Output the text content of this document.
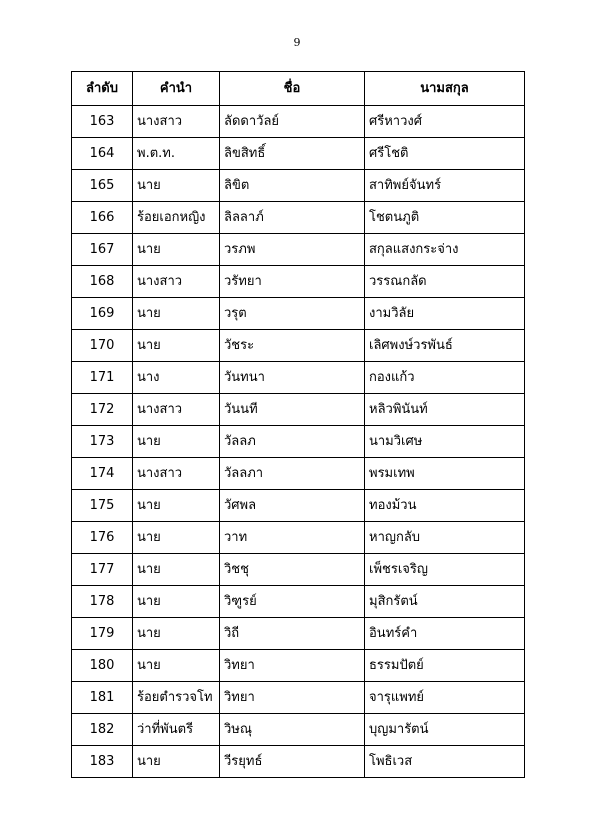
9
ลำดับ	คำนำ	ชื่อ	นามสกุล
163	นางสาว	ลัดดาวัลย์	ศรีหาวงศ์
164	พ.ต.ท.	ลิขสิทธิ์	ศรีโชติ
165	นาย	ลิขิต	สาทิพย์จันทร์
166	ร้อยเอกหญิง	ลิลลาภ์	โชตนภูติ
167	นาย	วรภพ	สกุลแสงกระจ่าง
168	นางสาว	วรัทยา	วรรณกลัด
169	นาย	วรุต	งามวิลัย
170	นาย	วัชระ	เลิศพงษ์วรพันธ์
171	นาง	วันทนา	กองแก้ว
172	นางสาว	วันนที	หลิวพินันท์
173	นาย	วัลลภ	นามวิเศษ
174	นางสาว	วัลลภา	พรมเทพ
175	นาย	วัศพล	ทองม้วน
176	นาย	วาท	หาญกลับ
177	นาย	วิชชุ	เพ็ชรเจริญ
178	นาย	วิฑูรย์	มุสิกรัตน์
179	นาย	วิถี	อินทร์คำ
180	นาย	วิทยา	ธรรมปัตย์
181	ร้อยตำรวจโท	วิทยา	จารุแพทย์
182	ว่าที่พันตรี	วิษณุ	บุญมารัตน์
183	นาย	วีรยุทธ์	โพธิเวส
